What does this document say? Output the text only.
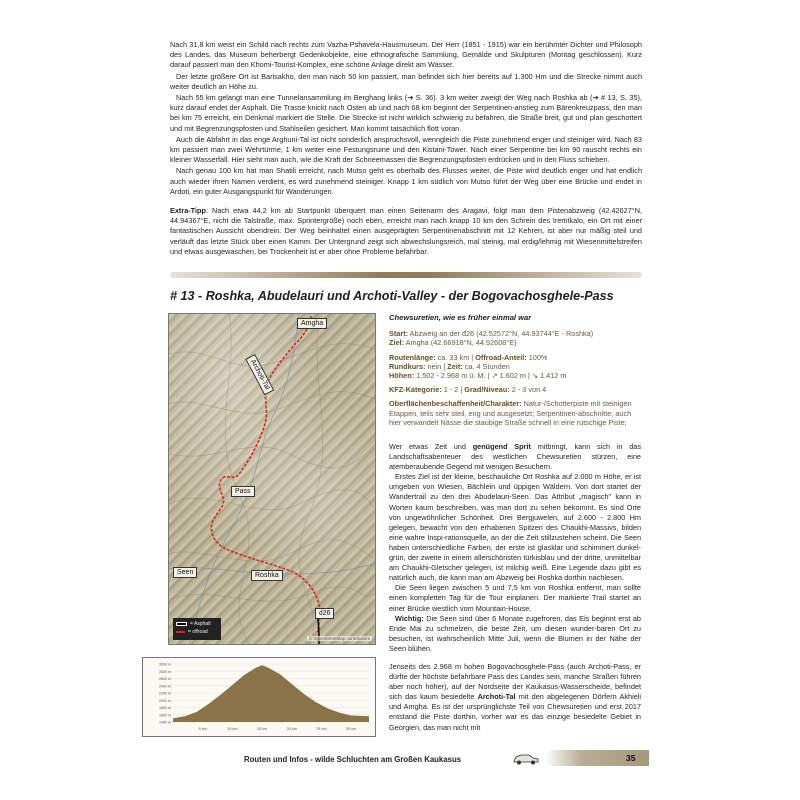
Nach 31,8 km weist ein Schild nach rechts zum Vazha-Pshavela-Hausmuseum. Der Herr (1851 - 1915) war ein berühmter Dichter und Philosoph des Landes, das Museum beherbergt Gedenkobjekte, eine ethnografische Sammlung, Gemälde und Skulpturen (Montag geschlossen). Kurz darauf passiert man den Khomi-Tourist-Komplex, eine schöne Anlage direkt am Wasser.

Der letzte größere Ort ist Barisakho, den man nach 50 km passiert, man befindet sich hier bereits auf 1.300 Hm und die Strecke nimmt auch weiter deutlich an Höhe zu.

Nach 55 km gelangt man eine Tunnelansammlung im Berghang links (➔ S. 36). 3 km weiter zweigt der Weg nach Roshka ab (➔ # 13, S. 35), kurz darauf endet der Asphalt. Die Trasse knickt nach Osten ab und nach 68 km beginnt der Serpentinen-anstieg zum Bärenkreuzpass, den man bei km 75 erreicht, ein Denkmal markiert die Stelle. Die Strecke ist nicht wirklich schwierig zu befahren, die Straße breit, gut und plan geschottert und mit Begrenzungspfosten und Stahlseilen gesichert. Man kommt tatsächlich flott voran.

Auch die Abfahrt in das enge Arghuni-Tal ist nicht sonderlich anspruchsvoll, wenngleich die Piste zunehmend enger und steiniger wird. Nach 83 km passiert man zwei Wehrtürme, 1 km weiter eine Festungsruine und den Kistani-Tower. Nach einer Serpentine bei km 90 rauscht rechts ein kleiner Wasserfall. Hier sieht man auch, wie die Kraft der Schneemassen die Begrenzungspfosten erdrücken und in den Fluss schieben.

Nach genau 100 km hat man Shatili erreicht, nach Mutso geht es oberhalb des Flusses weiter, die Piste wird deutlich enger und hat endlich auch wieder ihren Namen verdient, es wird zunehmend steiniger. Knapp 1 km südlich von Mutso führt der Weg über eine Brücke und endet in Ardoti, ein guter Ausgangspunkt für Wanderungen.

Extra-Tipp: Nach etwa 44,2 km ab Startpunkt überquert man einen Seitenarm des Aragavi, folgt man dem Pistenabzweig (42.42627°N, 44.94367°E, nicht die Talstraße, max. Sprintergröße) noch eben, erreicht man nach knapp 10 km den Schrein des Iremtkalo, ein Ort mit einer fantastischen Aussicht obendrein. Der Weg beinhaltet einen ausgeprägten Serpentinenabschnitt mit 12 Kehren, ist aber nur mäßig steil und verläuft das letzte Stück über einen Kamm. Der Untergrund zeigt sich abwechslungsreich, mal steinig, mal erdig/lehmig mit Wiesenmittelstreifen und etwas ausgewaschen, bei Trockenheit ist er aber ohne Probleme befahrbar.

# 13 - Roshka, Abudelauri und Archoti-Valley - der Bogovachosghele-Pass
Amgha
Archoti-Tal
Pass
Seen	Roshka
ძ26
= Asphalt
= offroad
© OpenStreetMap contributors
Chewsuretien, wie es früher einmal war
Start: Abzweig an der đ26 (42.52572°N, 44.93744°E - Roshka)
Ziel: Amgha (42.66918°N, 44.92608°E)
Routenlänge: ca. 33 km | Offroad-Anteil: 100%
Rundkurs: nein | Zeit: ca. 4 Stunden
Höhen: 1.502 - 2.968 m ü. M. | ↗ 1.602 m | ↘ 1.412 m
KFZ-Kategorie: 1 - 2 | Grad/Niveau: 2 - 3 von 4
Oberflächenbeschaffenheit/Charakter: Natur-/Schotterpiste mit steinigen Etappen, teils sehr steil, eng und ausgesetzt; Serpentinen-abschnitte; auch hier verwandelt Nässe die staubige Straße schnell in eine rutschige Piste;

Wer etwas Zeit und genügend Sprit mitbringt, kann sich in das Landschaftsabenteuer des westlichen Chewsuretien stürzen, eine atemberaubende Gegend mit wenigen Besuchern.

Erstes Ziel ist der kleine, beschauliche Ort Roshka auf 2.000 m Höhe, er ist umgeben von Wiesen, Bächlein und üppigen Wäldern. Von dort startet der Wandertrail zu den drei Abudelauri-Seen. Das Attribut „magisch" kann in Worten kaum beschreiben, was man dort zu sehen bekommt. Es sind Orte von ungewöhnlicher Schönheit. Drei Bergjuwelen, auf 2.600 - 2.800 Hm gelegen, bewacht von den erhabenen Spitzen des Chaukhi-Massivs, bilden eine wahre Inspi-rationsquelle, an der die Zeit stillzustehen scheint. Die Seen haben unterschiedliche Farben, der erste ist glasklar und schimmert dunkel-grün, der zweite in einem allerschönsten türkisblau und der dritte, unmittelbar am Chaukhi-Gletscher gelegen, ist milchig weiß. Eine Legende dazu gibt es natürlich auch, die kann man am Abzweig bei Roshka dorthin nachlesen.

Die Seen liegen zwischen 5 und 7,5 km von Roshka entfernt, man sollte einen kompletten Tag für die Tour einplanen. Der markierte Trail startet an einer Brücke westlich vom Mountain-House.

Wichtig: Die Seen sind über 6 Monate zugefroren, das Eis beginnt erst ab Ende Mai zu schmelzen, die beste Zeit, um diesen wunder-baren Ort zu besuchen, ist wahrscheinlich Mitte Juli, wenn die Blumen in der Nähe der Seen blühen.

Jenseits des 2.968 m hohen Bogovachosghele-Pass (auch Archoti-Pass, er dürfte der höchste befahrbare Pass des Landes sein, manche Straßen führen aber noch höher), auf der Nordseite der Kaukasus-Wasserscheide, befindet sich das kaum besiedelte Archoti-Tal mit den abgelegenen Dörfern Akhieli und Amgha. Es ist der ursprünglichste Teil von Chewsuretien und erst 2017 entstand die Piste dorthin, vorher war es das einzige besiedelte Gebiet in Georgien, das man nicht mit

3000 m
2800 m
2600 m
2400 m
2200 m
2000 m
1800 m
1600 m
1400 m
5 km	10 km	15 km	20 km	25 km	30 km
Routen und Infos - wilde Schluchten am Großen Kaukasus	35
